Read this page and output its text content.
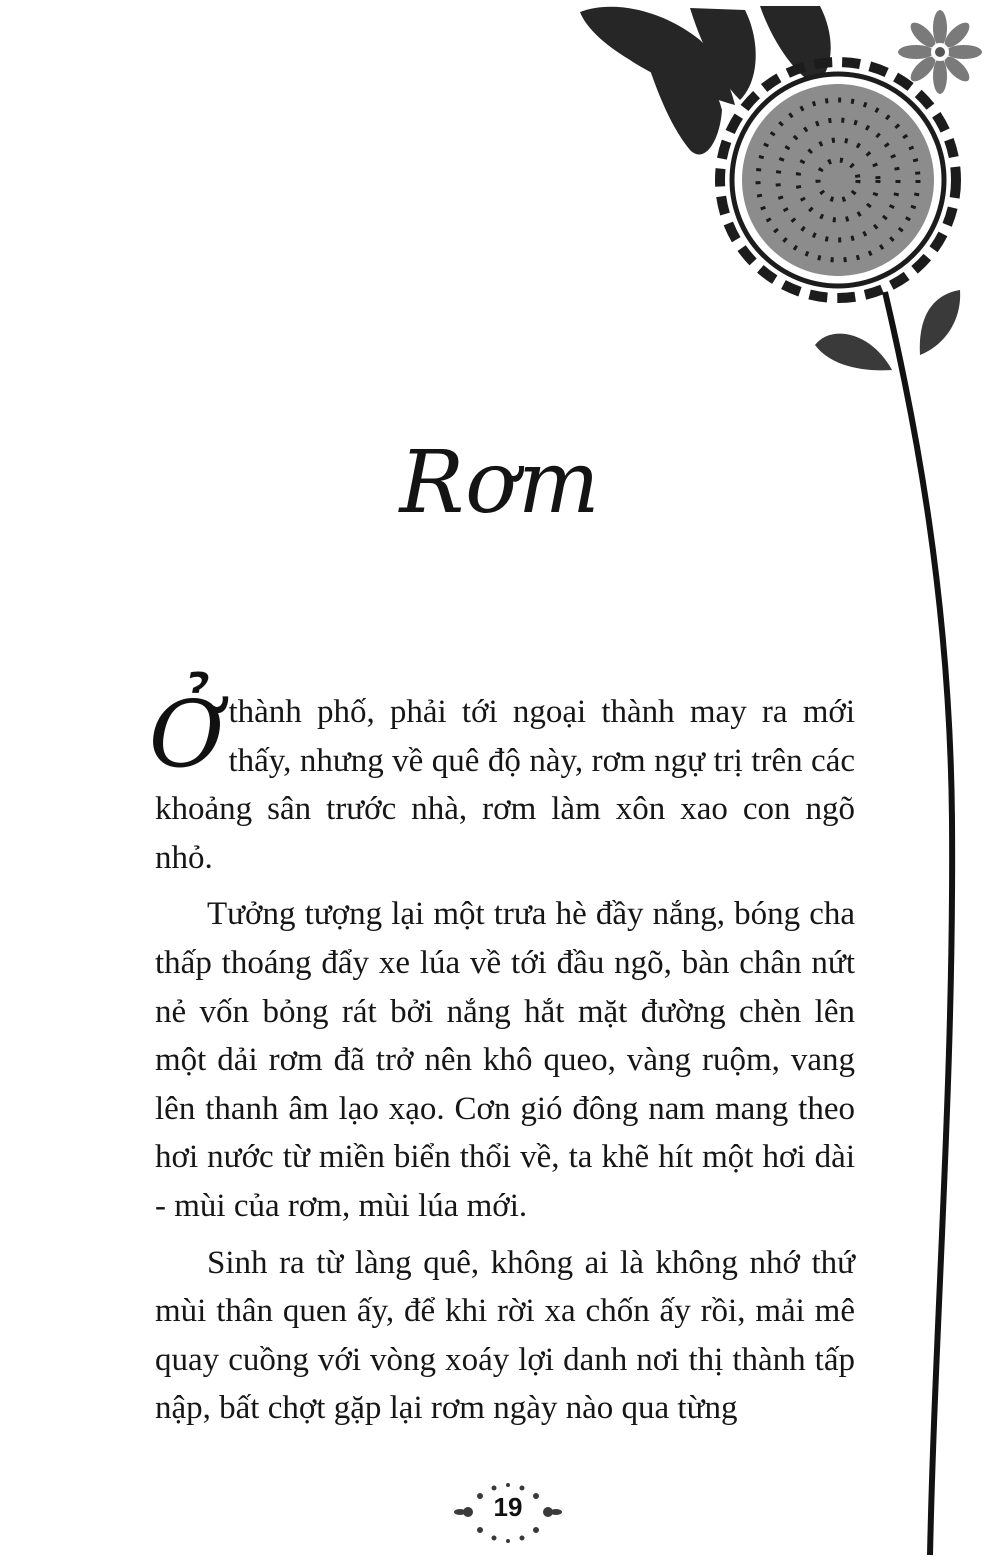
Rơm

Ở thành phố, phải tới ngoại thành may ra mới thấy, nhưng về quê độ này, rơm ngự trị trên các khoảng sân trước nhà, rơm làm xôn xao con ngõ nhỏ.

Tưởng tượng lại một trưa hè đầy nắng, bóng cha thấp thoáng đẩy xe lúa về tới đầu ngõ, bàn chân nứt nẻ vốn bỏng rát bởi nắng hắt mặt đường chèn lên một dải rơm đã trở nên khô queo, vàng ruộm, vang lên thanh âm lạo xạo. Cơn gió đông nam mang theo hơi nước từ miền biển thổi về, ta khẽ hít một hơi dài - mùi của rơm, mùi lúa mới.

Sinh ra từ làng quê, không ai là không nhớ thứ mùi thân quen ấy, để khi rời xa chốn ấy rồi, mải mê quay cuồng với vòng xoáy lợi danh nơi thị thành tấp nập, bất chợt gặp lại rơm ngày nào qua từng

19
